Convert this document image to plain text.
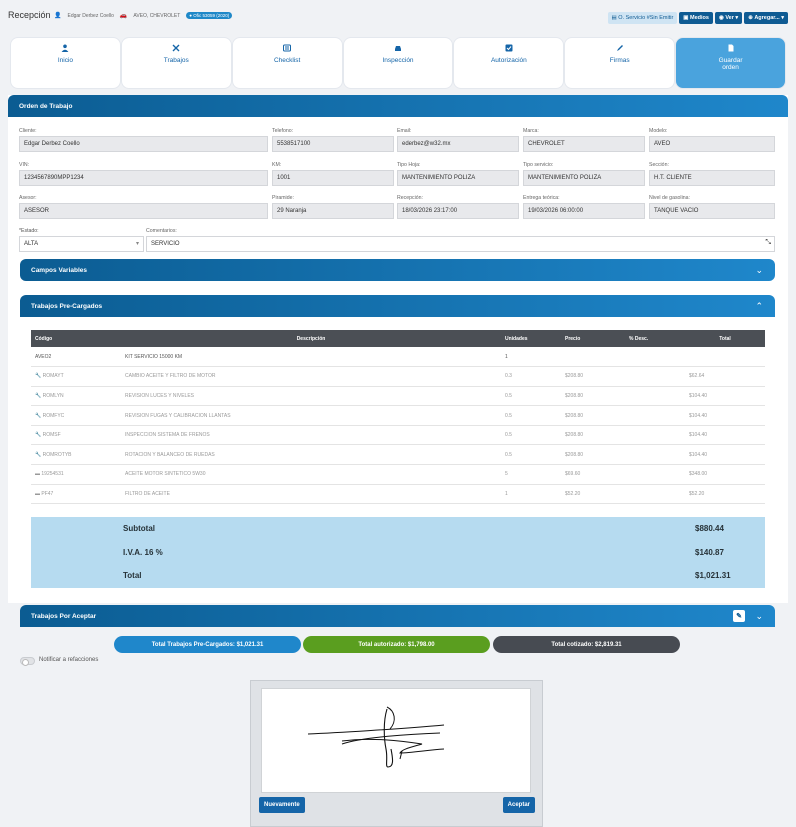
Recepción 👤 Edgar Derbez Coello 🚗 AVEO, CHEVROLET	● Ofic 53059 (2020)	▤ O. Servicio #Sin Emitir ▣ Medios ◉ Ver ▾ ⊕ Agregar... ▾
Inicio	Trabajos	Checklist	Inspección	Autorización	Firmas	Guardar orden
Orden de Trabajo
Cliente:
Edgar Derbez Coello
Telefono:
5538517100
Email:
ederbez@w32.mx
Marca:
CHEVROLET
Modelo:
AVEO
VIN:
1234567890MPP1234
KM:
1001
Tipo Hoja:
MANTENIMIENTO POLIZA
Tipo servicio:
MANTENIMIENTO POLIZA
Sección:
H.T. CLIENTE
Asesor:
ASESOR
Piramide:
29 Naranja
Recepción:
18/03/2026 23:17:00
Entrega teórica:
19/03/2026 06:00:00
Nivel de gasolina:
TANQUE VACIO
*Estado:
ALTA	▾
Comentarios:
SERVICIO	⤡
Campos Variables	⌄
Trabajos Pre-Cargados	⌃
Código	Descripción	Unidades	Precio	% Desc.	Total
AVEO2	KIT SERVICIO 15000 KM	1			
🔧 ROMAYT	CAMBIO ACEITE Y FILTRO DE MOTOR	0.3	$208.80		$62.64
🔧 ROMLYN	REVISION LUCES Y NIVELES	0.5	$208.80		$104.40
🔧 ROMFYC	REVISION FUGAS Y CALIBRACION LLANTAS	0.5	$208.80		$104.40
🔧 ROMSF	INSPECCION SISTEMA DE FRENOS	0.5	$208.80		$104.40
🔧 ROMROTYB	ROTACION Y BALANCEO DE RUEDAS	0.5	$208.80		$104.40
▬ 19254531	ACEITE MOTOR SINTETICO 5W30	5	$69.60		$348.00
▬ PF47	FILTRO DE ACEITE	1	$52.20		$52.20

Subtotal	$880.44
I.V.A. 16 %	$140.87
Total	$1,021.31
Trabajos Por Aceptar	✎	⌄
Total Trabajos Pre-Cargados: $1,021.31	Total autorizado: $1,798.00	Total cotizado: $2,819.31
Notificar a refacciones
Nuevamente	Aceptar
